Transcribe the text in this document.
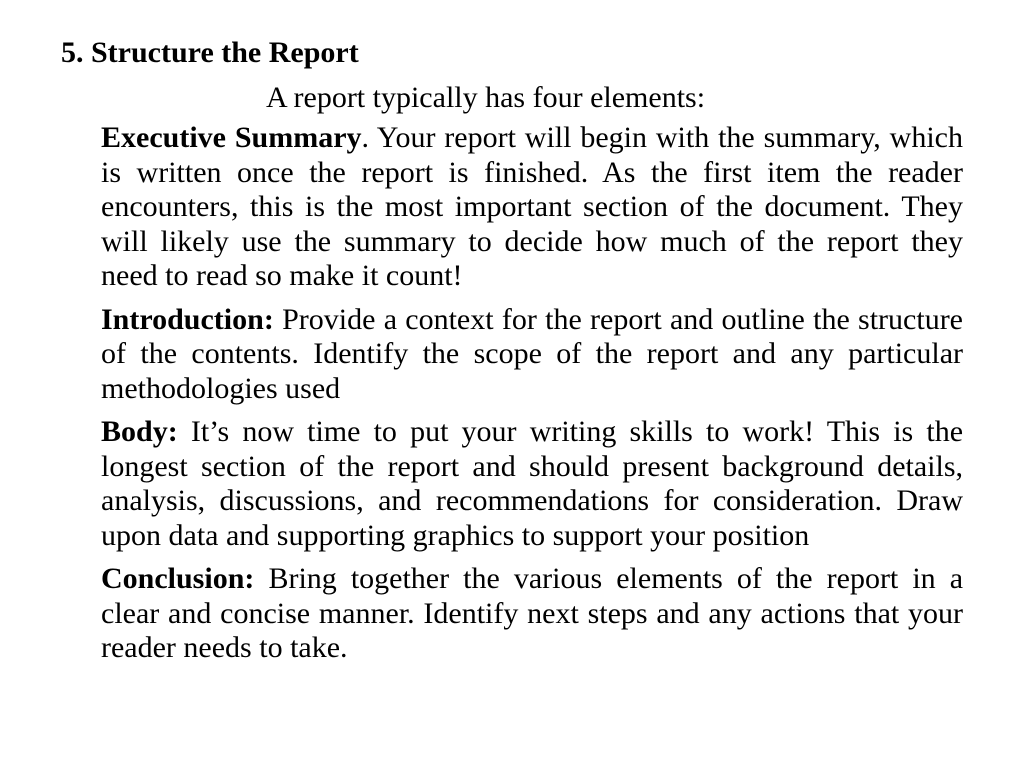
5. Structure the Report
A report typically has four elements:

Executive Summary. Your report will begin with the summary, which is written once the report is finished. As the first item the reader encounters, this is the most important section of the document. They will likely use the summary to decide how much of the report they need to read so make it count!

Introduction: Provide a context for the report and outline the structure of the contents. Identify the scope of the report and any particular methodologies used

Body: It’s now time to put your writing skills to work! This is the longest section of the report and should present background details, analysis, discussions, and recommendations for consideration. Draw upon data and supporting graphics to support your position

Conclusion: Bring together the various elements of the report in a clear and concise manner. Identify next steps and any actions that your reader needs to take.
